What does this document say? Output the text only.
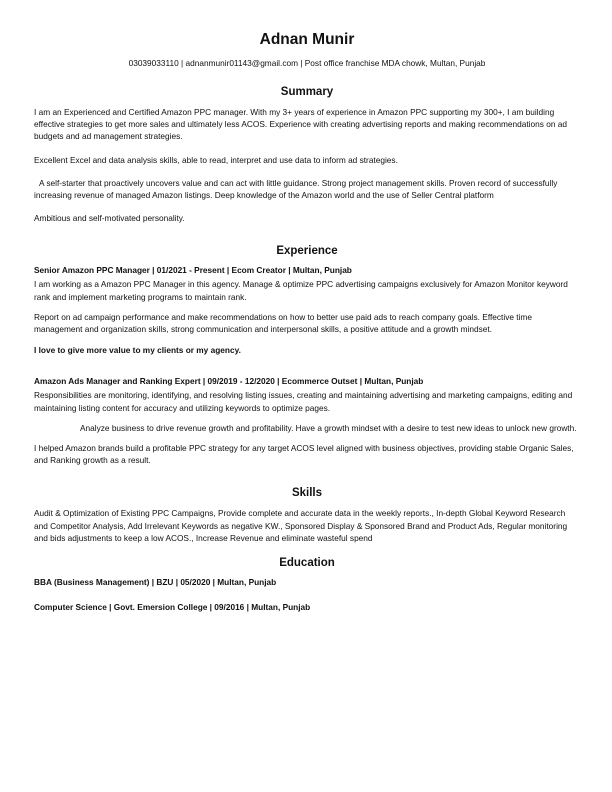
Adnan Munir
03039033110 | adnanmunir01143@gmail.com | Post office franchise MDA chowk, Multan, Punjab
Summary

I am an Experienced and Certified Amazon PPC manager. With my 3+ years of experience in Amazon PPC supporting my 300+, I am building effective strategies to get more sales and ultimately less ACOS. Experience with creating advertising reports and making recommendations on ad budgets and ad management strategies.

Excellent Excel and data analysis skills, able to read, interpret and use data to inform ad strategies.

A self-starter that proactively uncovers value and can act with little guidance. Strong project management skills. Proven record of successfully increasing revenue of managed Amazon listings. Deep knowledge of the Amazon world and the use of Seller Central platform

Ambitious and self-motivated personality.

Experience
Senior Amazon PPC Manager | 01/2021 - Present | Ecom Creator | Multan, Punjab

I am working as a Amazon PPC Manager in this agency. Manage & optimize PPC advertising campaigns exclusively for Amazon Monitor keyword rank and implement marketing programs to maintain rank.

Report on ad campaign performance and make recommendations on how to better use paid ads to reach company goals. Effective time management and organization skills, strong communication and interpersonal skills, a positive attitude and a growth mindset.

I love to give more value to my clients or my agency.

Amazon Ads Manager and Ranking Expert | 09/2019 - 12/2020 | Ecommerce Outset | Multan, Punjab

Responsibilities are monitoring, identifying, and resolving listing issues, creating and maintaining advertising and marketing campaigns, editing and maintaining listing content for accuracy and utilizing keywords to optimize pages.

Analyze business to drive revenue growth and profitability. Have a growth mindset with a desire to test new ideas to unlock new growth.

I helped Amazon brands build a profitable PPC strategy for any target ACOS level aligned with business objectives, providing stable Organic Sales, and Ranking growth as a result.

Skills

Audit & Optimization of Existing PPC Campaigns, Provide complete and accurate data in the weekly reports., In-depth Global Keyword Research and Competitor Analysis, Add Irrelevant Keywords as negative KW., Sponsored Display & Sponsored Brand and Product Ads, Regular monitoring and bids adjustments to keep a low ACOS., Increase Revenue and eliminate wasteful spend

Education
BBA (Business Management) | BZU | 05/2020 | Multan, Punjab
Computer Science | Govt. Emersion College | 09/2016 | Multan, Punjab
